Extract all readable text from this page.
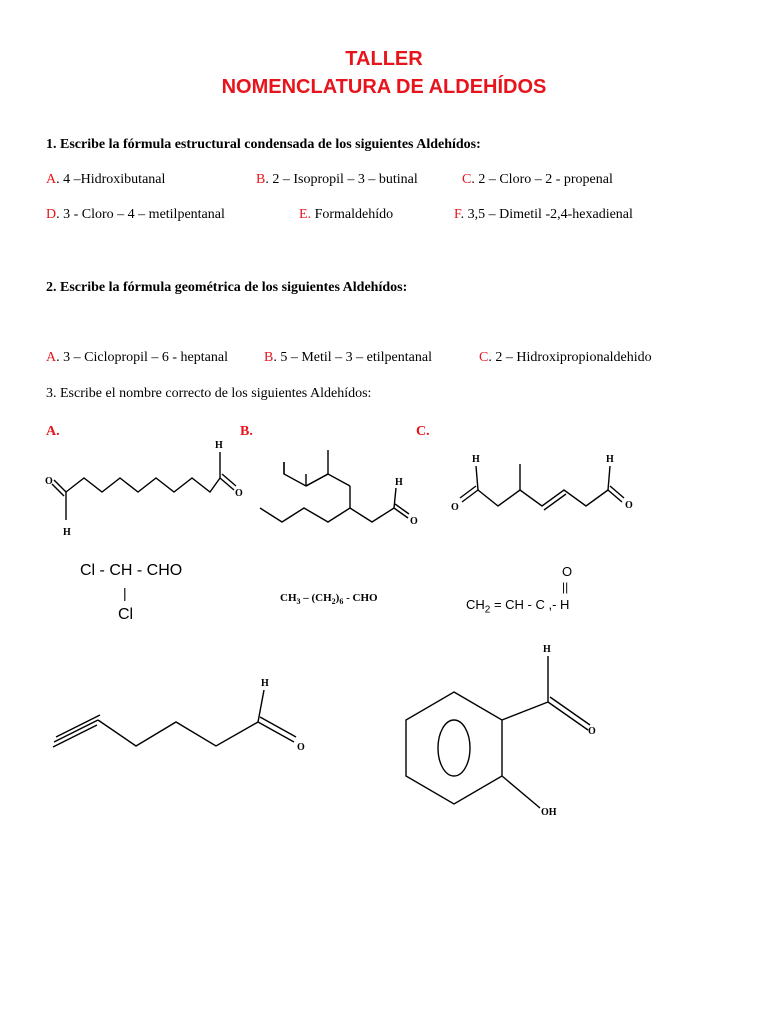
TALLER
NOMENCLATURA DE ALDEHÍDOS
1. Escribe la fórmula estructural condensada de los siguientes Aldehídos:
A. 4 –Hidroxibutanal	B. 2 – Isopropil – 3 – butinal	C. 2 – Cloro – 2 - propenal
D. 3 - Cloro – 4 – metilpentanal	E. Formaldehído	F. 3,5 – Dimetil -2,4-hexadienal
2. Escribe la fórmula geométrica de los siguientes Aldehídos:
A. 3 – Ciclopropil – 6 - heptanal	B. 5 – Metil – 3 – etilpentanal	C. 2 – Hidroxipropionaldehido
3. Escribe el nombre correcto de los siguientes Aldehídos:
A.	B.	C.
H
O
O
H
H
O
H	H
O	O
H
O
H
O
OH
Cl - CH - CHO
|
Cl
$CH_3 - (CH_2)_6$ - CHO
O
||
$CH_2$ = CH - C ,- H
